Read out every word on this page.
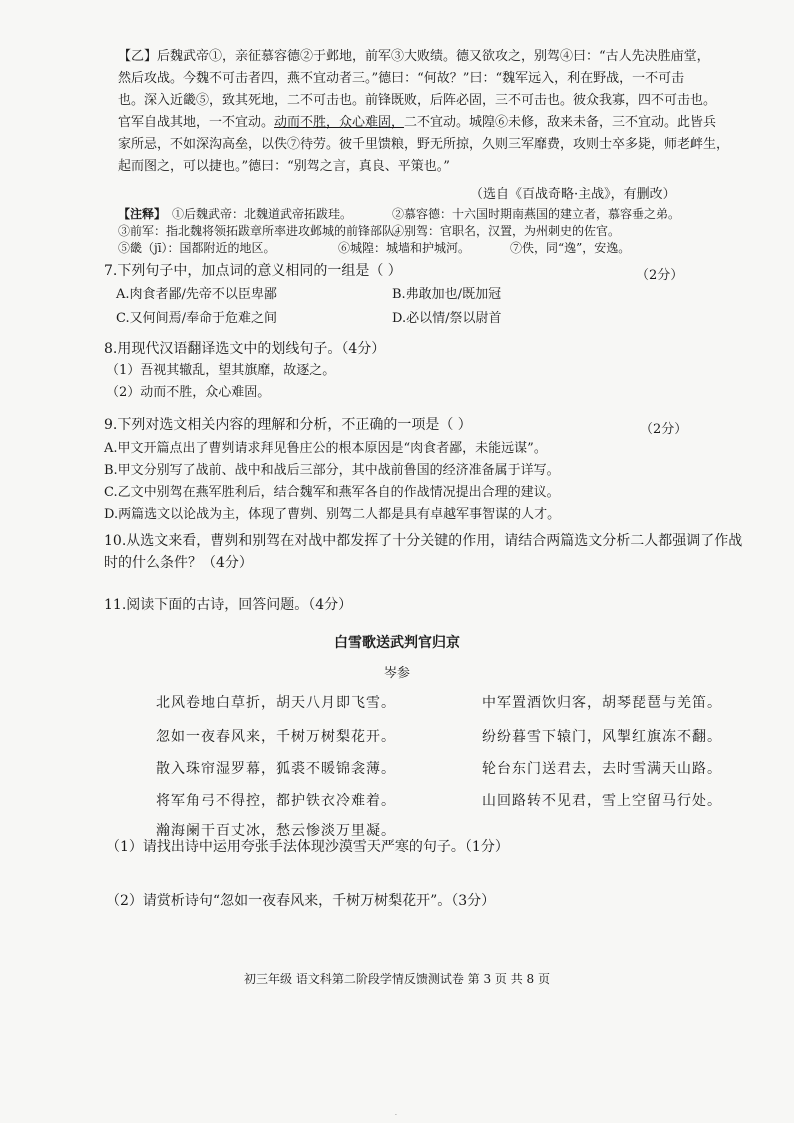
【乙】后魏武帝①，亲征慕容德②于邺地，前军③大败绩。德又欲攻之，别驾④曰：“古人先决胜庙堂，
然后攻战。今魏不可击者四，燕不宜动者三。”德曰：“何故？”曰：“魏军远入，利在野战，一不可击
也。深入近畿⑤，致其死地，二不可击也。前锋既败，后阵必固，三不可击也。彼众我寡，四不可击也。
官军自战其地，一不宜动。动而不胜，众心难固，二不宜动。城隍⑥未修，敌来未备，三不宜动。此皆兵
家所忌，不如深沟高垒，以佚⑦待劳。彼千里馈粮，野无所掠，久则三军靡费，攻则士卒多毙，师老衅生，
起而图之，可以捷也。”德曰：“别驾之言，真良、平策也。”
（选自《百战奇略·主战》，有删改）
【注释】 ①后魏武帝：北魏道武帝拓跋珪。	②慕容德：十六国时期南燕国的建立者，慕容垂之弟。
③前军：指北魏将领拓跋章所率进攻邺城的前锋部队。
④别驾：官职名，汉置，为州刺史的佐官。
⑤畿（jī）：国都附近的地区。	⑥城隍：城墙和护城河。	⑦佚，同“逸”，安逸。
7.下列句子中，加点词的意义相同的一组是（ ）	（2分）
A.肉食者鄙/先帝不以臣卑鄙	B.弗敢加也/既加冠
C.又何间焉/奉命于危难之间	D.必以情/祭以尉首
8.用现代汉语翻译选文中的划线句子。（4分）
（1）吾视其辙乱，望其旗靡，故逐之。
（2）动而不胜，众心难固。
9.下列对选文相关内容的理解和分析，不正确的一项是（ ）	（2分）
A.甲文开篇点出了曹刿请求拜见鲁庄公的根本原因是“肉食者鄙，未能远谋”。
B.甲文分别写了战前、战中和战后三部分，其中战前鲁国的经济准备属于详写。
C.乙文中别驾在燕军胜利后，结合魏军和燕军各自的作战情况提出合理的建议。
D.两篇选文以论战为主，体现了曹刿、别驾二人都是具有卓越军事智谋的人才。
10.从选文来看，曹刿和别驾在对战中都发挥了十分关键的作用，请结合两篇选文分析二人都强调了作战
时的什么条件？（4分）
11.阅读下面的古诗，回答问题。（4分）
白雪歌送武判官归京
岑参
北风卷地白草折，胡天八月即飞雪。
忽如一夜春风来，千树万树梨花开。
散入珠帘湿罗幕，狐裘不暖锦衾薄。
将军角弓不得控，都护铁衣冷难着。
瀚海阑干百丈冰，愁云惨淡万里凝。
中军置酒饮归客，胡琴琵琶与羌笛。
纷纷暮雪下辕门，风掣红旗冻不翻。
轮台东门送君去，去时雪满天山路。
山回路转不见君，雪上空留马行处。
（1）请找出诗中运用夸张手法体现沙漠雪天严寒的句子。（1分）
（2）请赏析诗句“忽如一夜春风来，千树万树梨花开”。（3分）
初三年级 语文科第二阶段学情反馈测试卷 第 3 页 共 8 页
·
